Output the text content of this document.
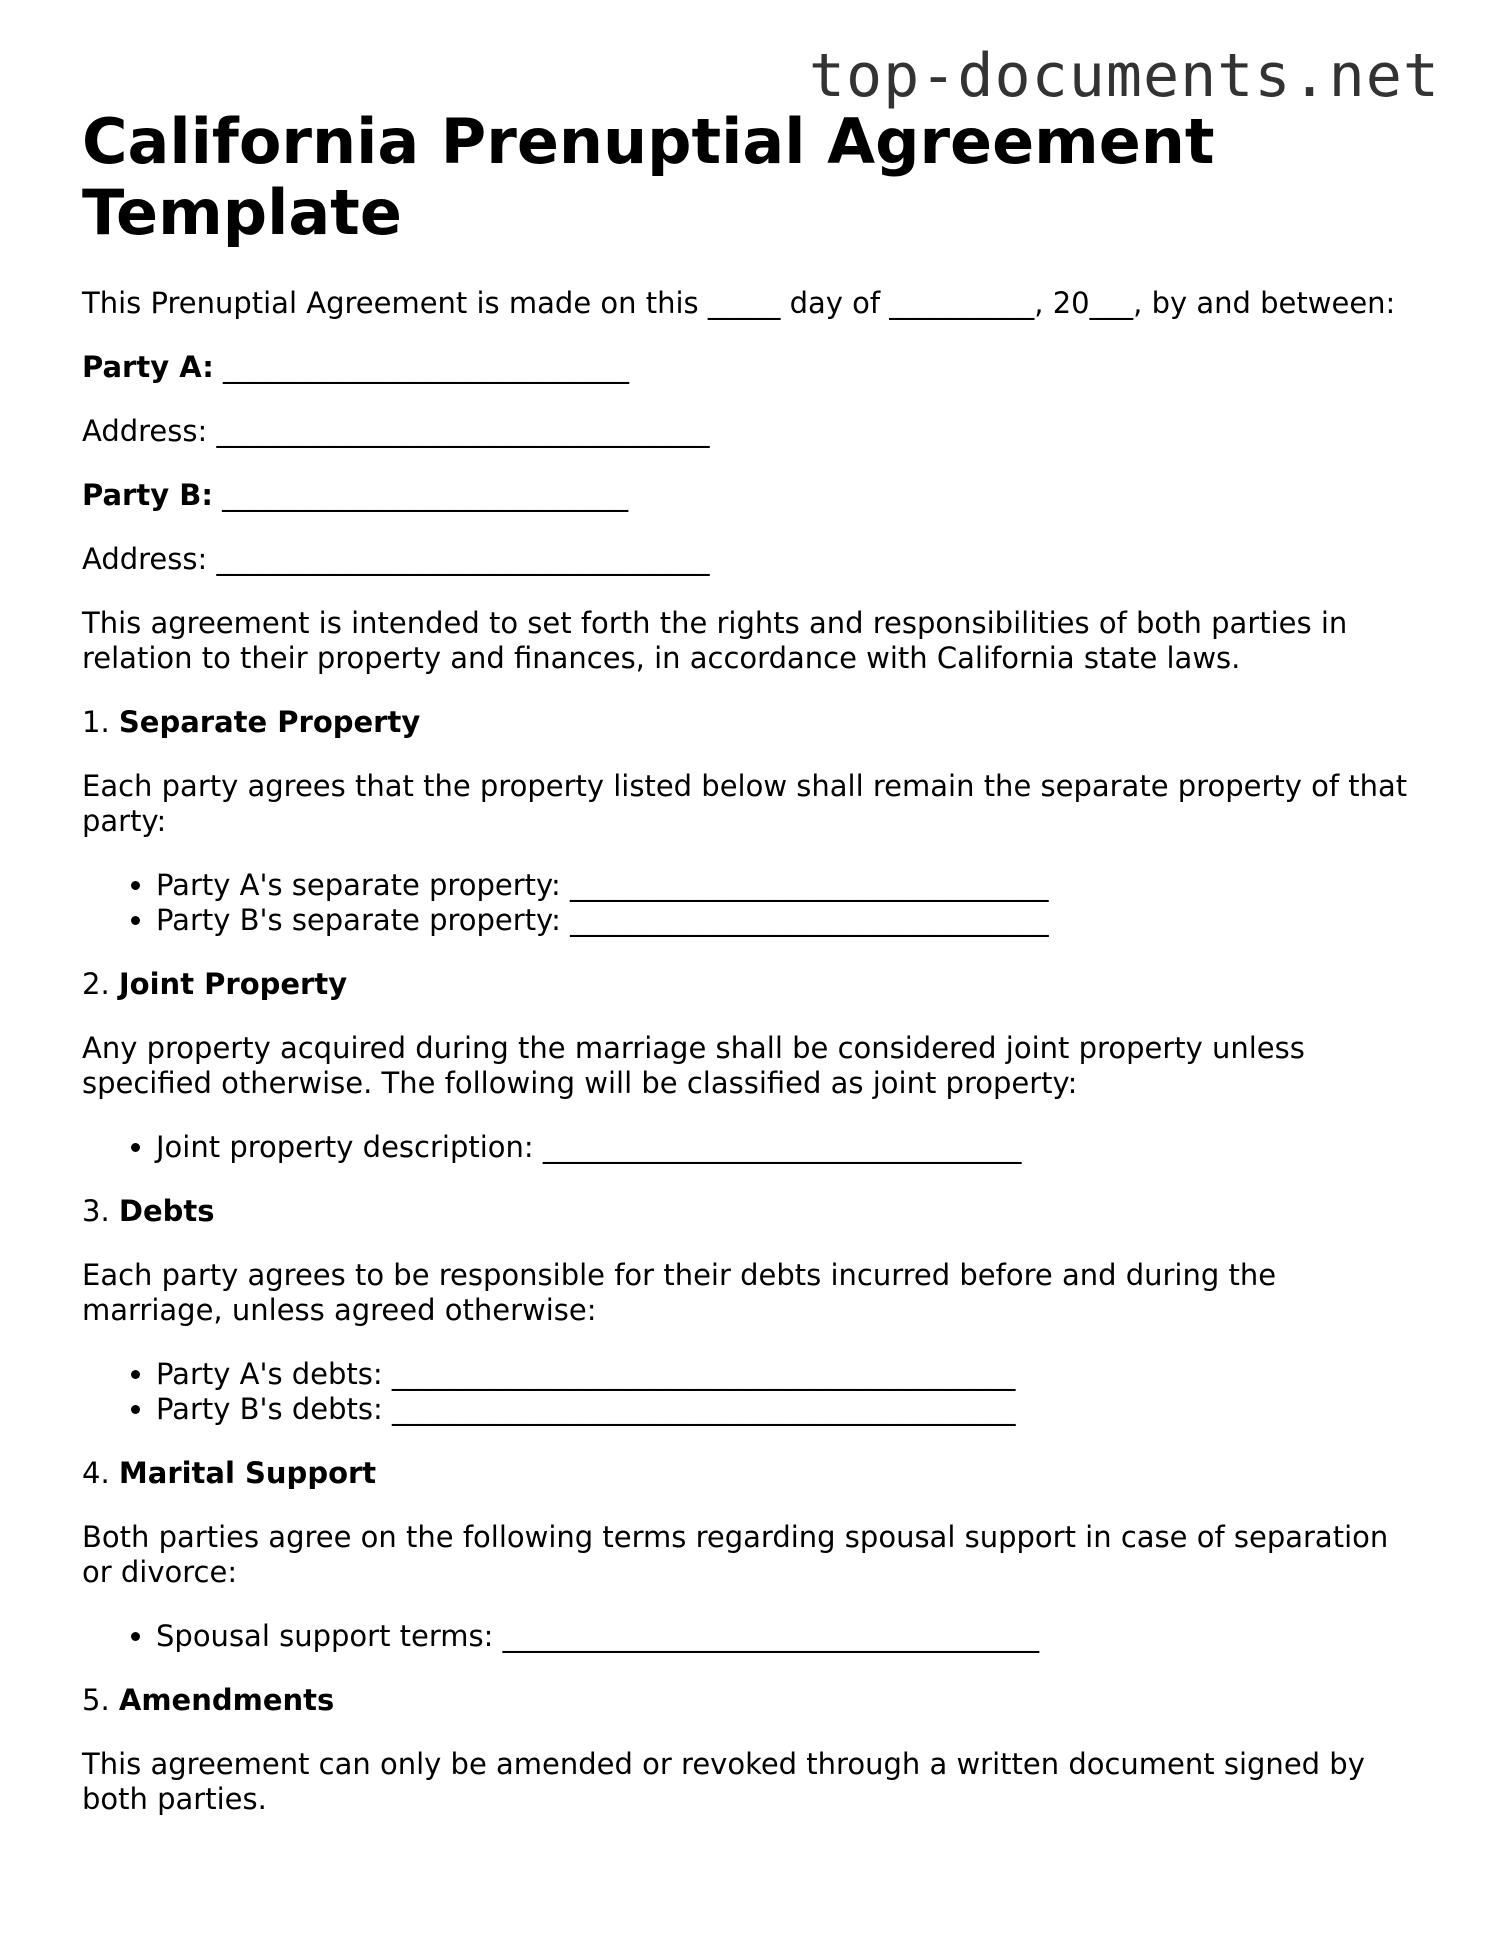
top-documents.net
California Prenuptial Agreement Template

This Prenuptial Agreement is made on this _____ day of __________, 20___, by and between:

Party A: ____________________________

Address: __________________________________

Party B: ____________________________

Address: __________________________________

This agreement is intended to set forth the rights and responsibilities of both parties in relation to their property and finances, in accordance with California state laws.

1. Separate Property

Each party agrees that the property listed below shall remain the separate property of that party:

• Party A's separate property: _________________________________
• Party B's separate property: _________________________________

2. Joint Property

Any property acquired during the marriage shall be considered joint property unless specified otherwise. The following will be classified as joint property:

• Joint property description: _________________________________

3. Debts

Each party agrees to be responsible for their debts incurred before and during the marriage, unless agreed otherwise:

• Party A's debts: ___________________________________________
• Party B's debts: ___________________________________________

4. Marital Support

Both parties agree on the following terms regarding spousal support in case of separation or divorce:

• Spousal support terms: _____________________________________

5. Amendments

This agreement can only be amended or revoked through a written document signed by both parties.
